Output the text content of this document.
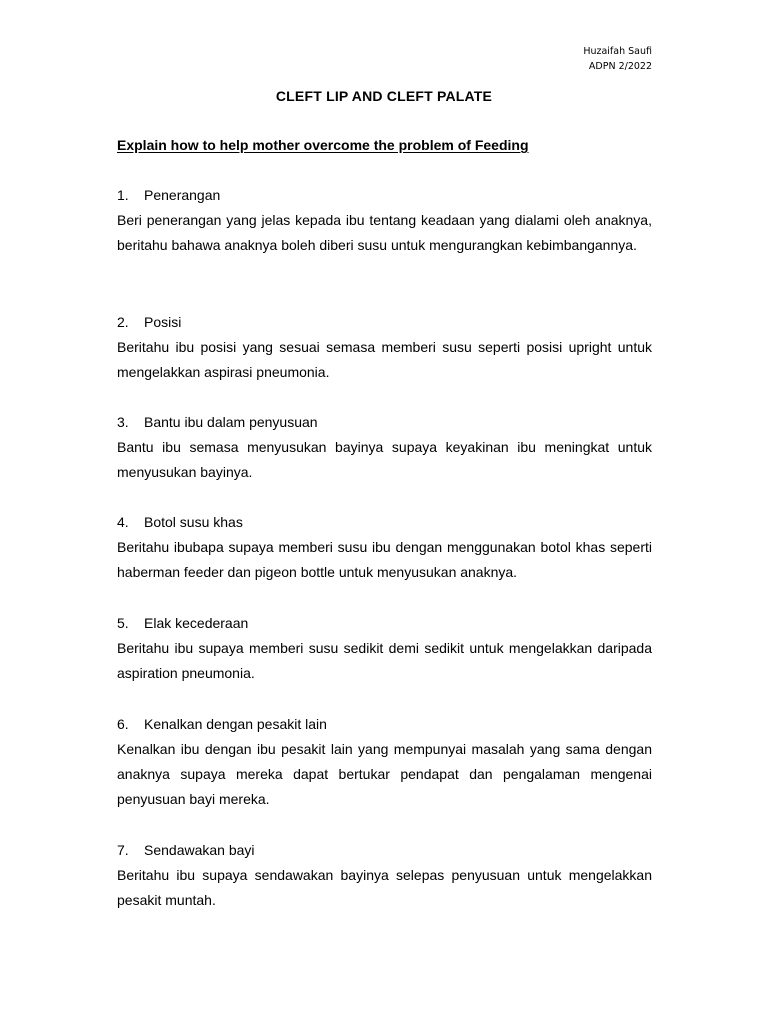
Huzaifah Saufi
ADPN 2/2022
CLEFT LIP AND CLEFT PALATE
Explain how to help mother overcome the problem of Feeding
1. Penerangan

Beri penerangan yang jelas kepada ibu tentang keadaan yang dialami oleh anaknya, beritahu bahawa anaknya boleh diberi susu untuk mengurangkan kebimbangannya.

2. Posisi

Beritahu ibu posisi yang sesuai semasa memberi susu seperti posisi upright untuk mengelakkan aspirasi pneumonia.

3. Bantu ibu dalam penyusuan

Bantu ibu semasa menyusukan bayinya supaya keyakinan ibu meningkat untuk menyusukan bayinya.

4. Botol susu khas

Beritahu ibubapa supaya memberi susu ibu dengan menggunakan botol khas seperti haberman feeder dan pigeon bottle untuk menyusukan anaknya.

5. Elak kecederaan

Beritahu ibu supaya memberi susu sedikit demi sedikit untuk mengelakkan daripada aspiration pneumonia.

6. Kenalkan dengan pesakit lain

Kenalkan ibu dengan ibu pesakit lain yang mempunyai masalah yang sama dengan anaknya supaya mereka dapat bertukar pendapat dan pengalaman mengenai penyusuan bayi mereka.

7. Sendawakan bayi

Beritahu ibu supaya sendawakan bayinya selepas penyusuan untuk mengelakkan pesakit muntah.
